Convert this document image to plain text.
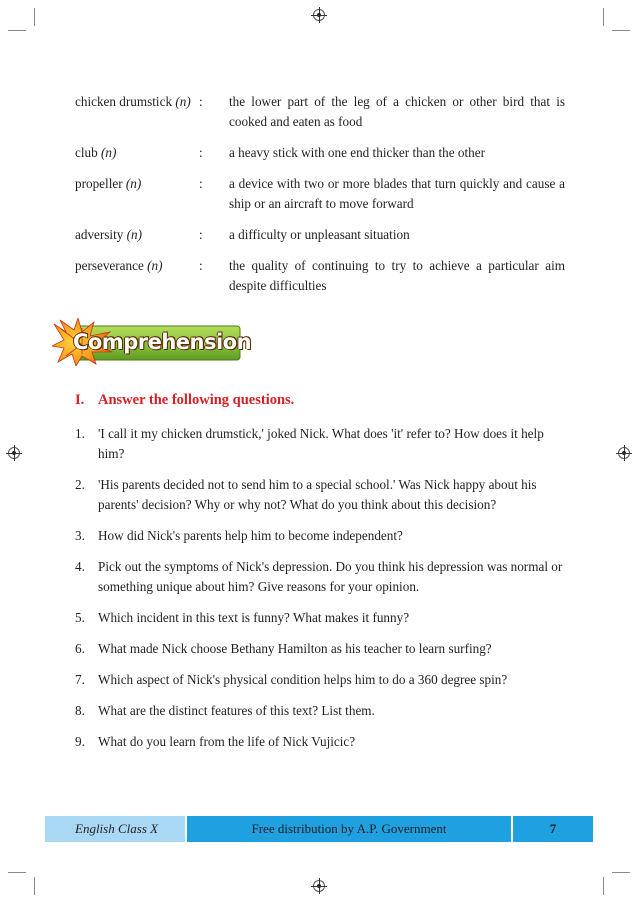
chicken drumstick (n) :	the lower part of the leg of a chicken or other bird that is cooked and eaten as food
club (n)	:	a heavy stick with one end thicker than the other
propeller (n)	:	a device with two or more blades that turn quickly and cause a ship or an aircraft to move forward
adversity (n)	:	a difficulty or unpleasant situation
perseverance (n)	:	the quality of continuing to try to achieve a particular aim despite difficulties
Comprehension
I. Answer the following questions.
1. 'I call it my chicken drumstick,' joked Nick. What does 'it' refer to? How does it help him?
2. 'His parents decided not to send him to a special school.' Was Nick happy about his parents' decision? Why or why not? What do you think about this decision?
3. How did Nick's parents help him to become independent?
4. Pick out the symptoms of Nick's depression. Do you think his depression was normal or something unique about him? Give reasons for your opinion.
5. Which incident in this text is funny? What makes it funny?
6. What made Nick choose Bethany Hamilton as his teacher to learn surfing?
7. Which aspect of Nick's physical condition helps him to do a 360 degree spin?
8. What are the distinct features of this text? List them.
9. What do you learn from the life of Nick Vujicic?
English Class X	Free distribution by A.P. Government	7
